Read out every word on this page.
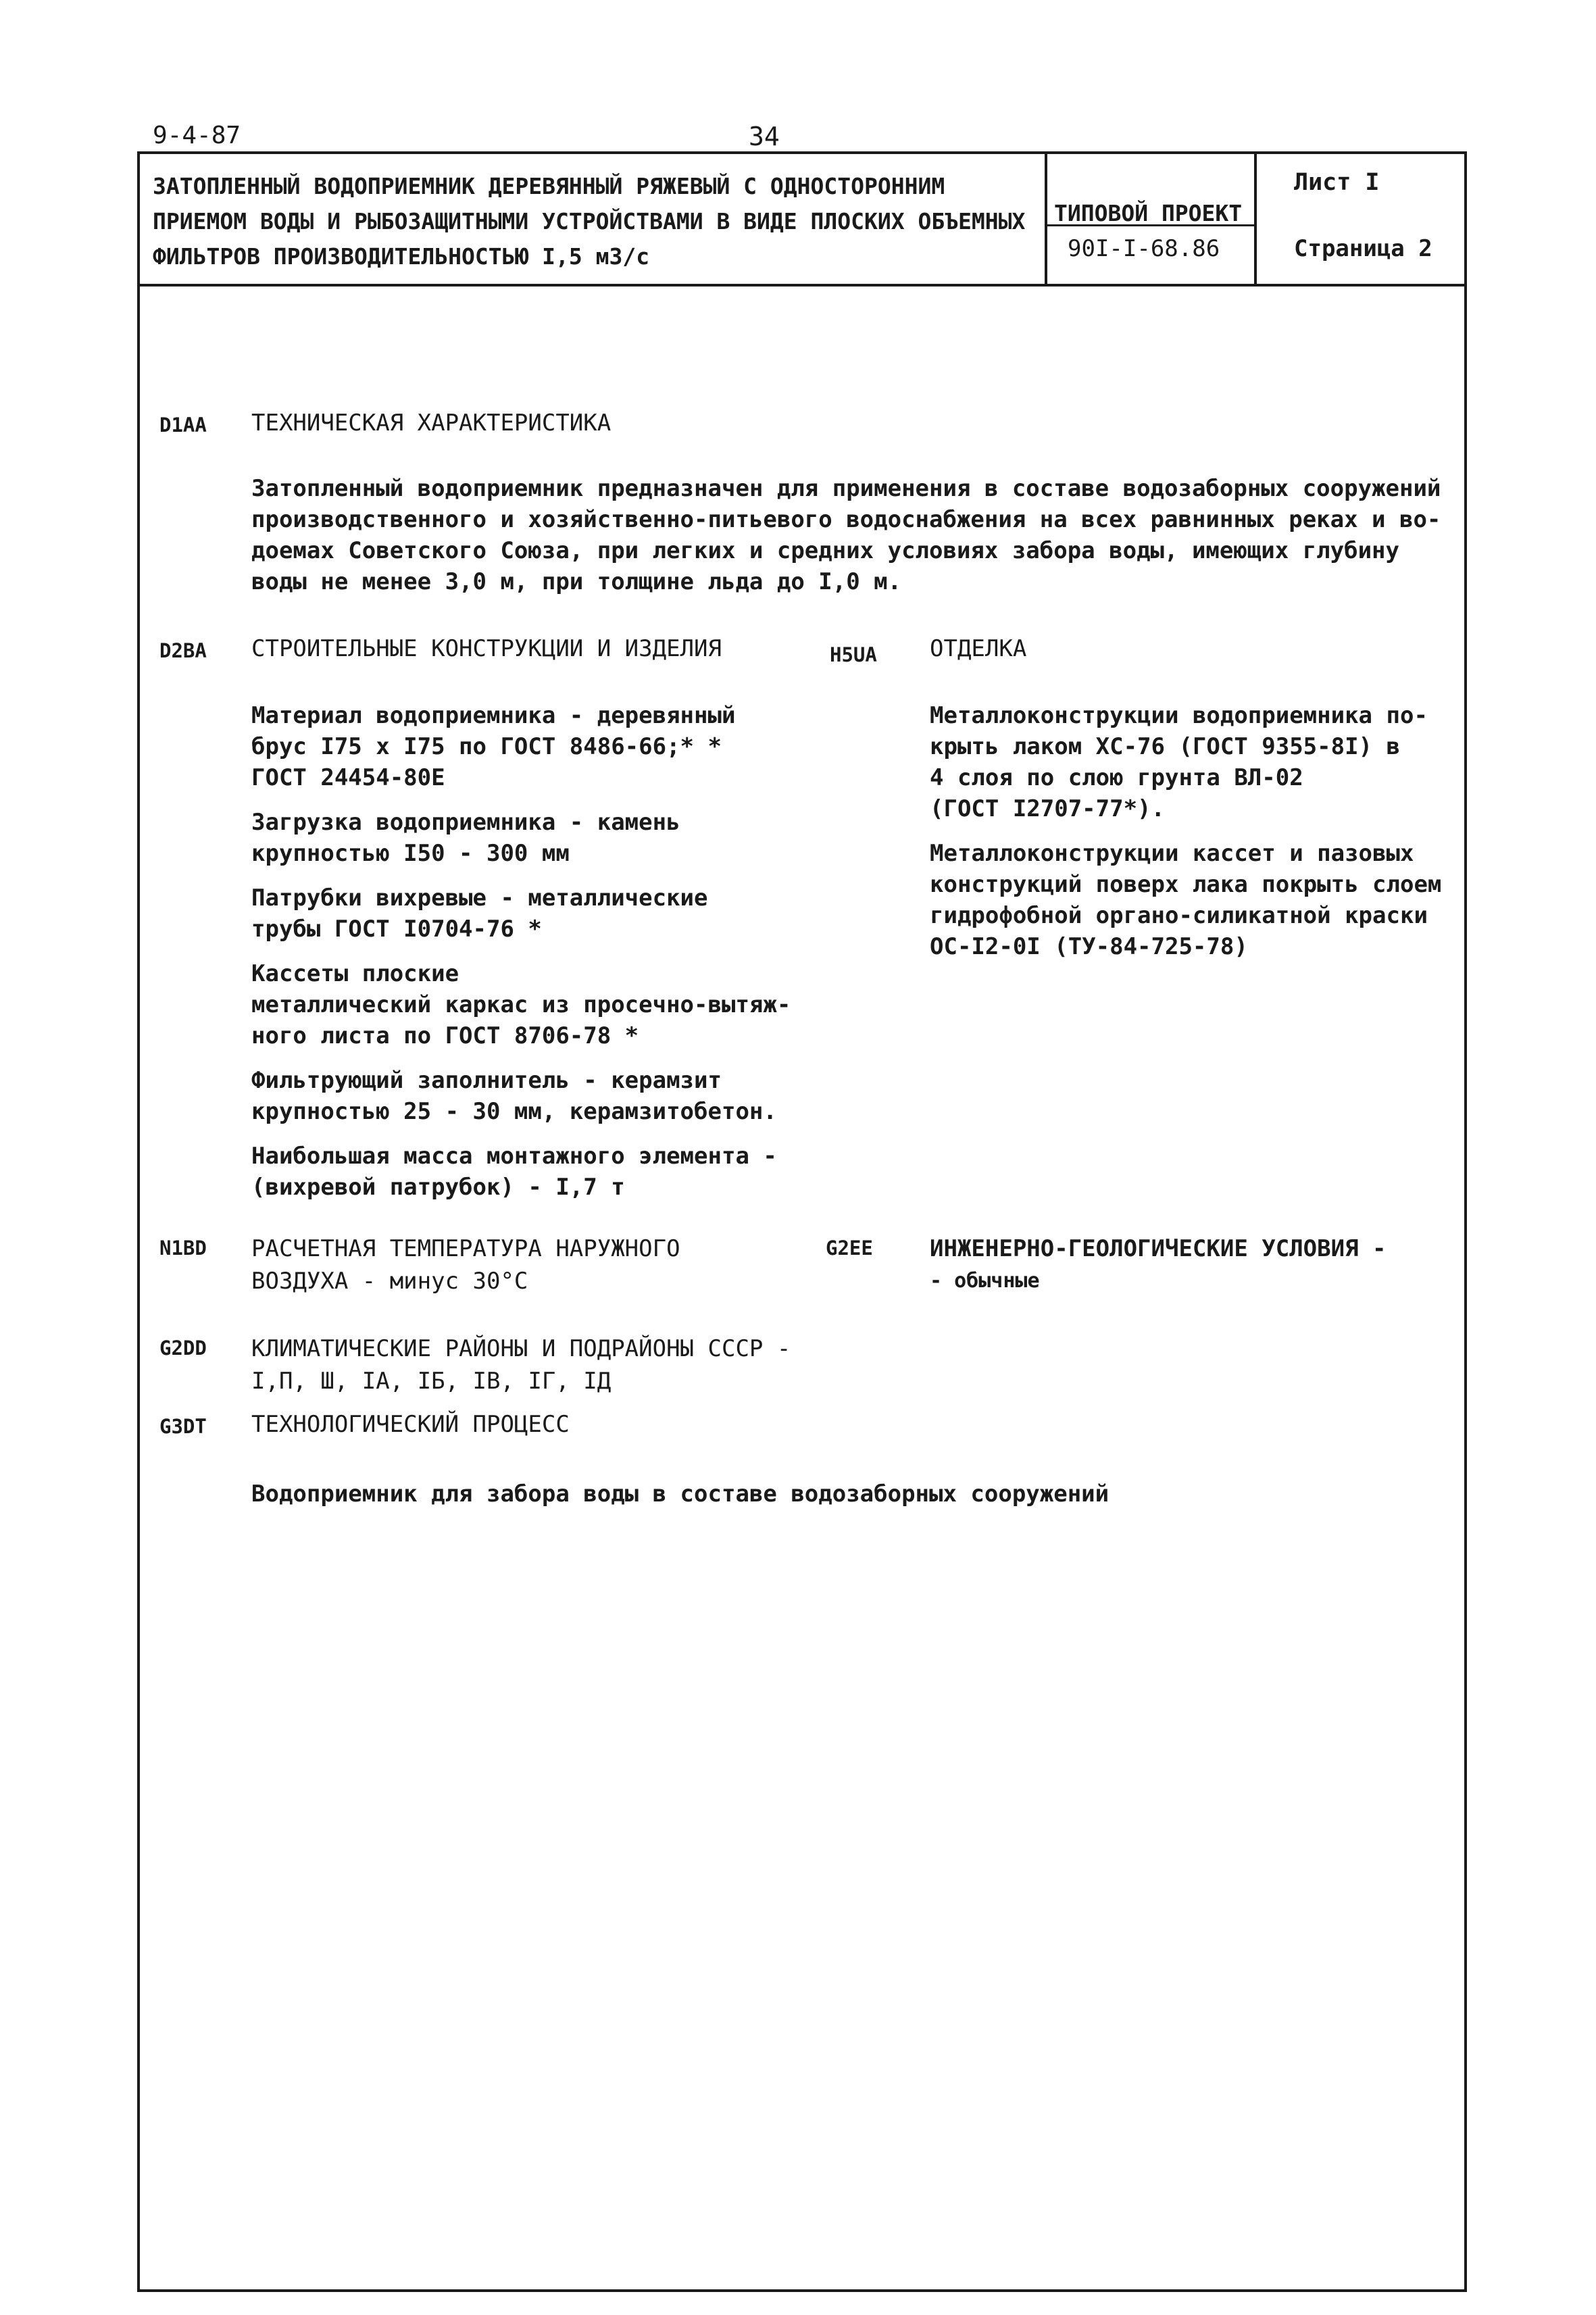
9-4-87	34
ЗАТОПЛЕННЫЙ ВОДОПРИЕМНИК ДЕРЕВЯННЫЙ РЯЖЕВЫЙ С ОДНОСТОРОННИМ
ПРИЕМОМ ВОДЫ И РЫБОЗАЩИТНЫМИ УСТРОЙСТВАМИ В ВИДЕ ПЛОСКИХ ОБЪЕМНЫХ
ФИЛЬТРОВ ПРОИЗВОДИТЕЛЬНОСТЬЮ I,5 м3/с
ТИПОВОЙ ПРОЕКТ
90I-I-68.86
Лист I
Страница 2
D1AA ТЕХНИЧЕСКАЯ ХАРАКТЕРИСТИКА
Затопленный водоприемник предназначен для применения в составе водозаборных сооружений
производственного и хозяйственно-питьевого водоснабжения на всех равнинных реках и во-
доемах Советского Союза, при легких и средних условиях забора воды, имеющих глубину
воды не менее 3,0 м, при толщине льда до I,0 м.
D2BA СТРОИТЕЛЬНЫЕ КОНСТРУКЦИИ И ИЗДЕЛИЯ

Материал водоприемника - деревянный
брус I75 х I75 по ГОСТ 8486-66;* *
ГОСТ 24454-80Е

Загрузка водоприемника - камень
крупностью I50 - 300 мм

Патрубки вихревые - металлические
трубы ГОСТ I0704-76 *

Кассеты плоские
металлический каркас из просечно-вытяж-
ного листа по ГОСТ 8706-78 *

Фильтрующий заполнитель - керамзит
крупностью 25 - 30 мм, керамзитобетон.

Наибольшая масса монтажного элемента -
(вихревой патрубок) - I,7 т

H5UA ОТДЕЛКА

Металлоконструкции водоприемника по-
крыть лаком ХС-76 (ГОСТ 9355-8I) в
4 слоя по слою грунта ВЛ-02
(ГОСТ I2707-77*).

Металлоконструкции кассет и пазовых
конструкций поверх лака покрыть слоем
гидрофобной органо-силикатной краски
ОС-I2-0I (ТУ-84-725-78)

N1BD РАСЧЕТНАЯ ТЕМПЕРАТУРА НАРУЖНОГО
ВОЗДУХА - минус 30°С
G2EE ИНЖЕНЕРНО-ГЕОЛОГИЧЕСКИЕ УСЛОВИЯ -
- обычные
G2DD КЛИМАТИЧЕСКИЕ РАЙОНЫ И ПОДРАЙОНЫ СССР -
I,П, Ш, IА, IБ, IВ, IГ, IД
G3DT ТЕХНОЛОГИЧЕСКИЙ ПРОЦЕСС
Водоприемник для забора воды в составе водозаборных сооружений
